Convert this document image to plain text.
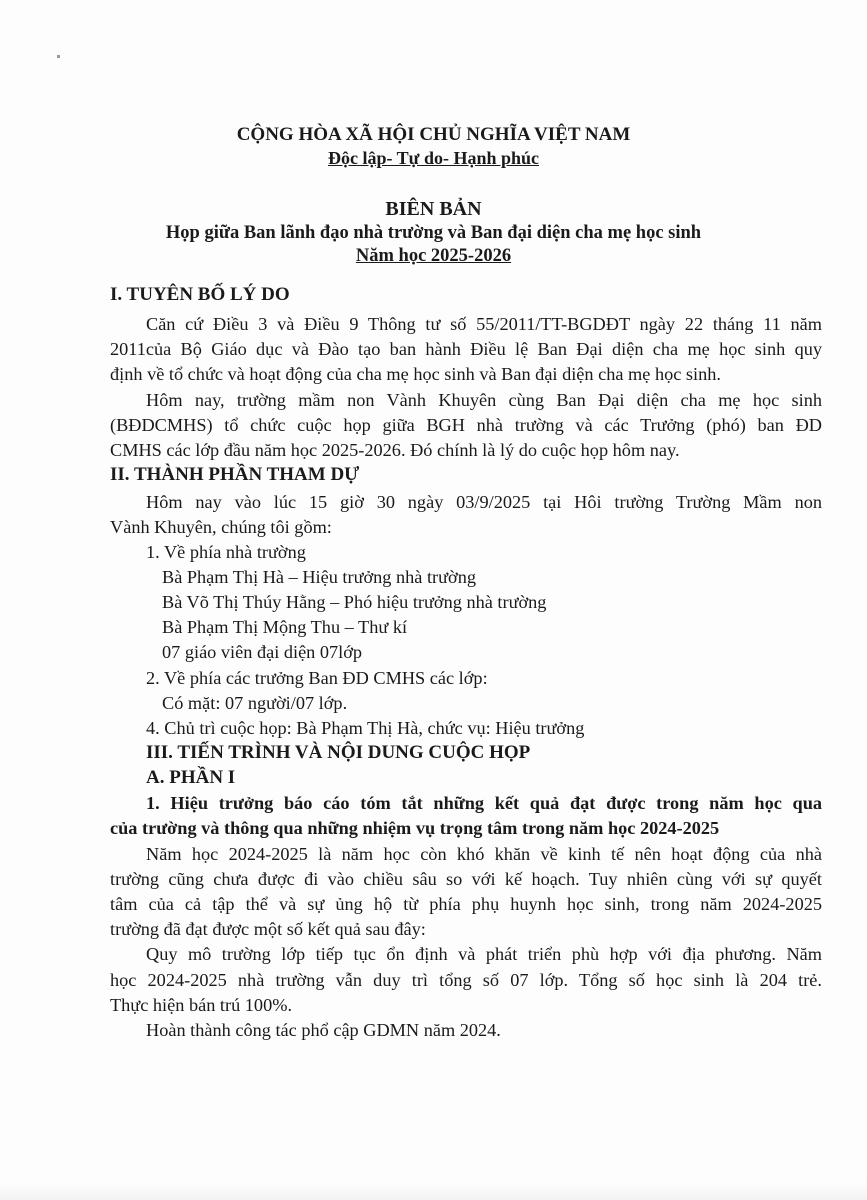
CỘNG HÒA XÃ HỘI CHỦ NGHĨA VIỆT NAM
Độc lập- Tự do- Hạnh phúc
BIÊN BẢN
Họp giữa Ban lãnh đạo nhà trường và Ban đại diện cha mẹ học sinh
Năm học 2025-2026
I. TUYÊN BỐ LÝ DO
Căn cứ Điều 3 và Điều 9 Thông tư số 55/2011/TT-BGDĐT ngày 22 tháng 11 năm
2011của Bộ Giáo dục và Đào tạo ban hành Điều lệ Ban Đại diện cha mẹ học sinh quy
định về tổ chức và hoạt động của cha mẹ học sinh và Ban đại diện cha mẹ học sinh.
Hôm nay, trường mầm non Vành Khuyên cùng Ban Đại diện cha mẹ học sinh
(BĐDCMHS) tổ chức cuộc họp giữa BGH nhà trường và các Trưởng (phó) ban ĐD
CMHS các lớp đầu năm học 2025-2026. Đó chính là lý do cuộc họp hôm nay.
II. THÀNH PHẦN THAM DỰ
Hôm nay vào lúc 15 giờ 30 ngày 03/9/2025 tại Hôi trường Trường Mầm non
Vành Khuyên, chúng tôi gồm:
1. Về phía nhà trường
Bà Phạm Thị Hà – Hiệu trưởng nhà trường
Bà Võ Thị Thúy Hằng – Phó hiệu trưởng nhà trường
Bà Phạm Thị Mộng Thu – Thư kí
07 giáo viên đại diện 07lớp
2. Về phía các trưởng Ban ĐD CMHS các lớp:
Có mặt: 07 người/07 lớp.
4. Chủ trì cuộc họp: Bà Phạm Thị Hà, chức vụ: Hiệu trưởng
III. TIẾN TRÌNH VÀ NỘI DUNG CUỘC HỌP
A. PHẦN I
1. Hiệu trưởng báo cáo tóm tắt những kết quả đạt được trong năm học qua
của trường và thông qua những nhiệm vụ trọng tâm trong năm học 2024-2025
Năm học 2024-2025 là năm học còn khó khăn về kinh tế nên hoạt động của nhà
trường cũng chưa được đi vào chiều sâu so với kế hoạch. Tuy nhiên cùng với sự quyết
tâm của cả tập thể và sự ủng hộ từ phía phụ huynh học sinh, trong năm 2024-2025
trường đã đạt được một số kết quả sau đây:
Quy mô trường lớp tiếp tục ổn định và phát triển phù hợp với địa phương. Năm
học 2024-2025 nhà trường vẫn duy trì tổng số 07 lớp. Tổng số học sinh là 204 trẻ.
Thực hiện bán trú 100%.
Hoàn thành công tác phổ cập GDMN năm 2024.
